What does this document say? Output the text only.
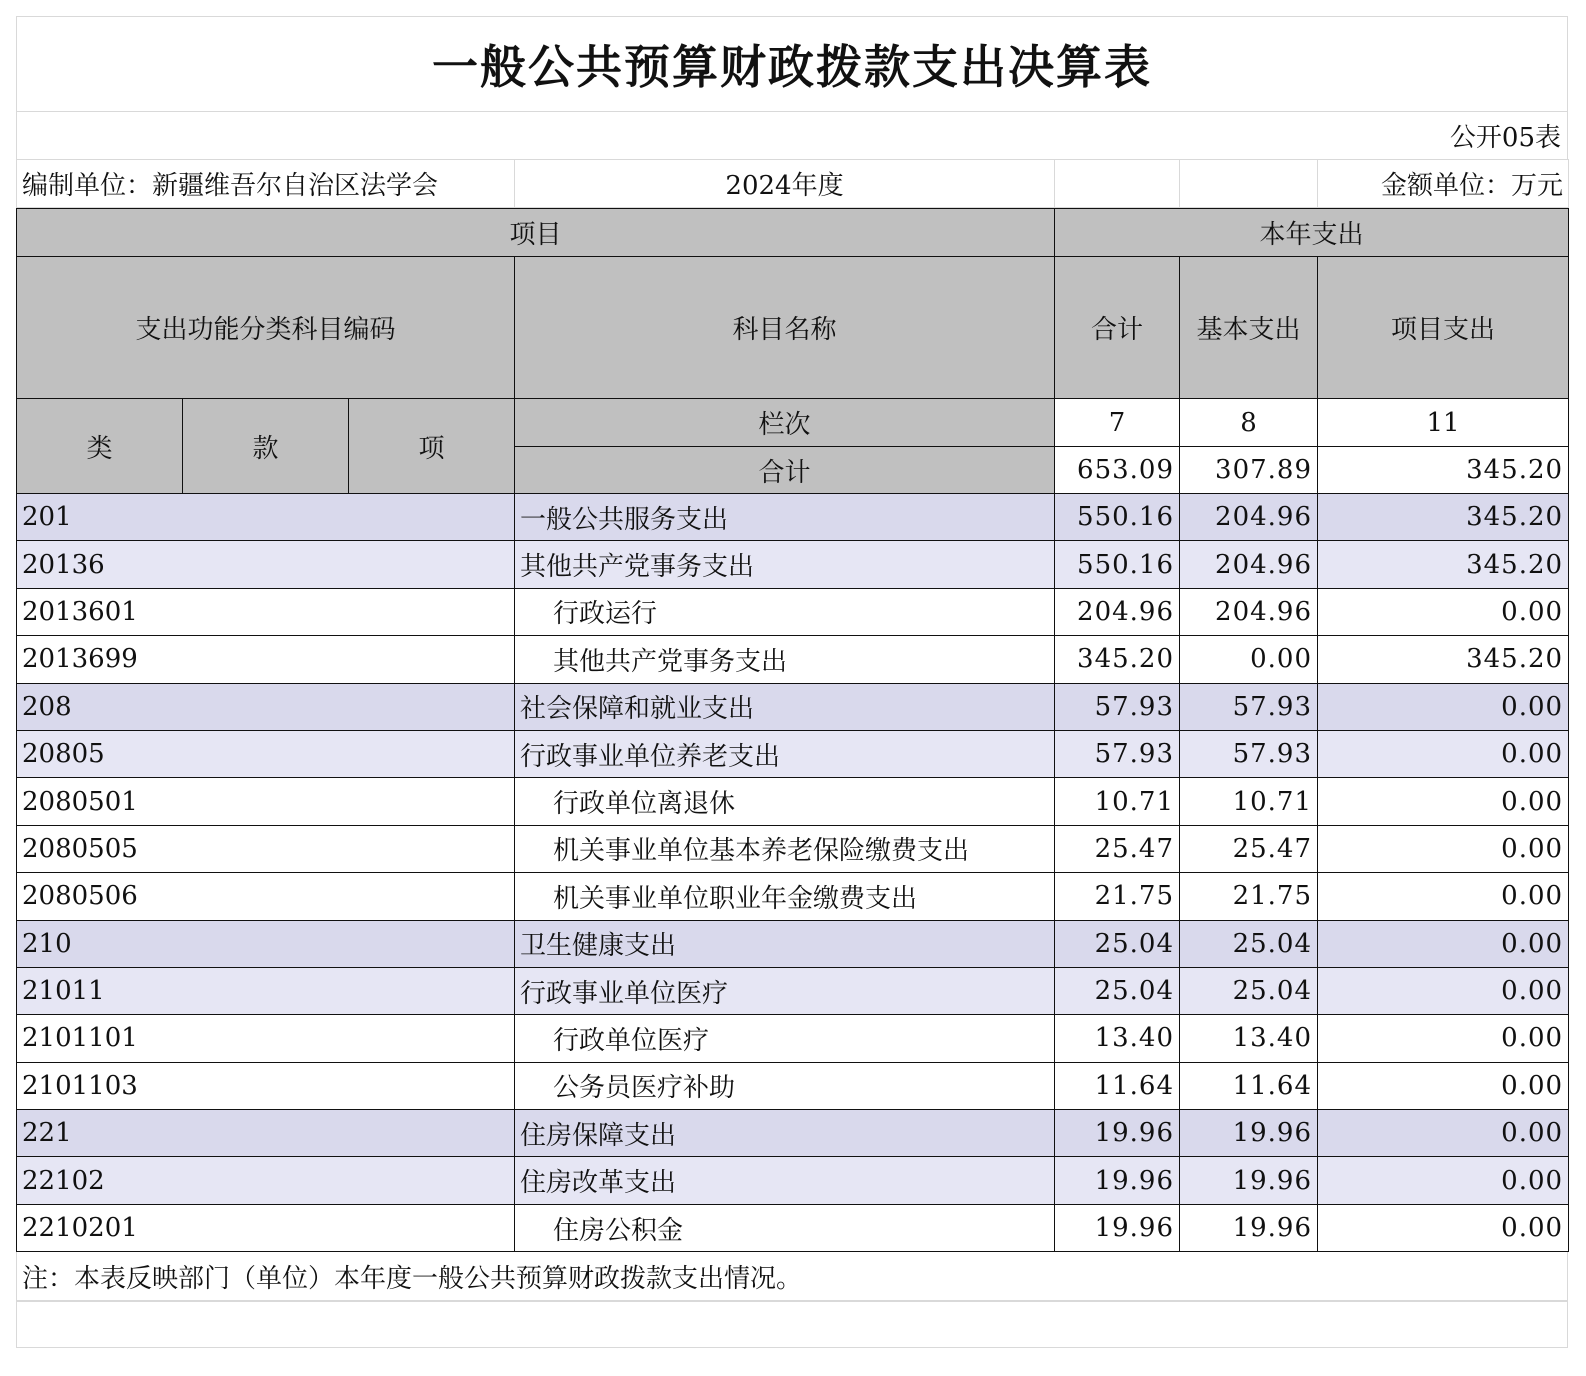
一般公共预算财政拨款支出决算表
公开05表
编制单位：新疆维吾尔自治区法学会	2024年度			金额单位：万元
项目				本年支出		
支出功能分类科目编码			科目名称	合计	基本支出	项目支出
类	款	项	栏次	7	8	11
			合计	653.09	307.89	345.20
201			一般公共服务支出	550.16	204.96	345.20
20136			其他共产党事务支出	550.16	204.96	345.20
2013601			行政运行	204.96	204.96	0.00
2013699			其他共产党事务支出	345.20	0.00	345.20
208			社会保障和就业支出	57.93	57.93	0.00
20805			行政事业单位养老支出	57.93	57.93	0.00
2080501			行政单位离退休	10.71	10.71	0.00
2080505			机关事业单位基本养老保险缴费支出	25.47	25.47	0.00
2080506			机关事业单位职业年金缴费支出	21.75	21.75	0.00
210			卫生健康支出	25.04	25.04	0.00
21011			行政事业单位医疗	25.04	25.04	0.00
2101101			行政单位医疗	13.40	13.40	0.00
2101103			公务员医疗补助	11.64	11.64	0.00
221			住房保障支出	19.96	19.96	0.00
22102			住房改革支出	19.96	19.96	0.00
2210201			住房公积金	19.96	19.96	0.00
注：本表反映部门（单位）本年度一般公共预算财政拨款支出情况。
